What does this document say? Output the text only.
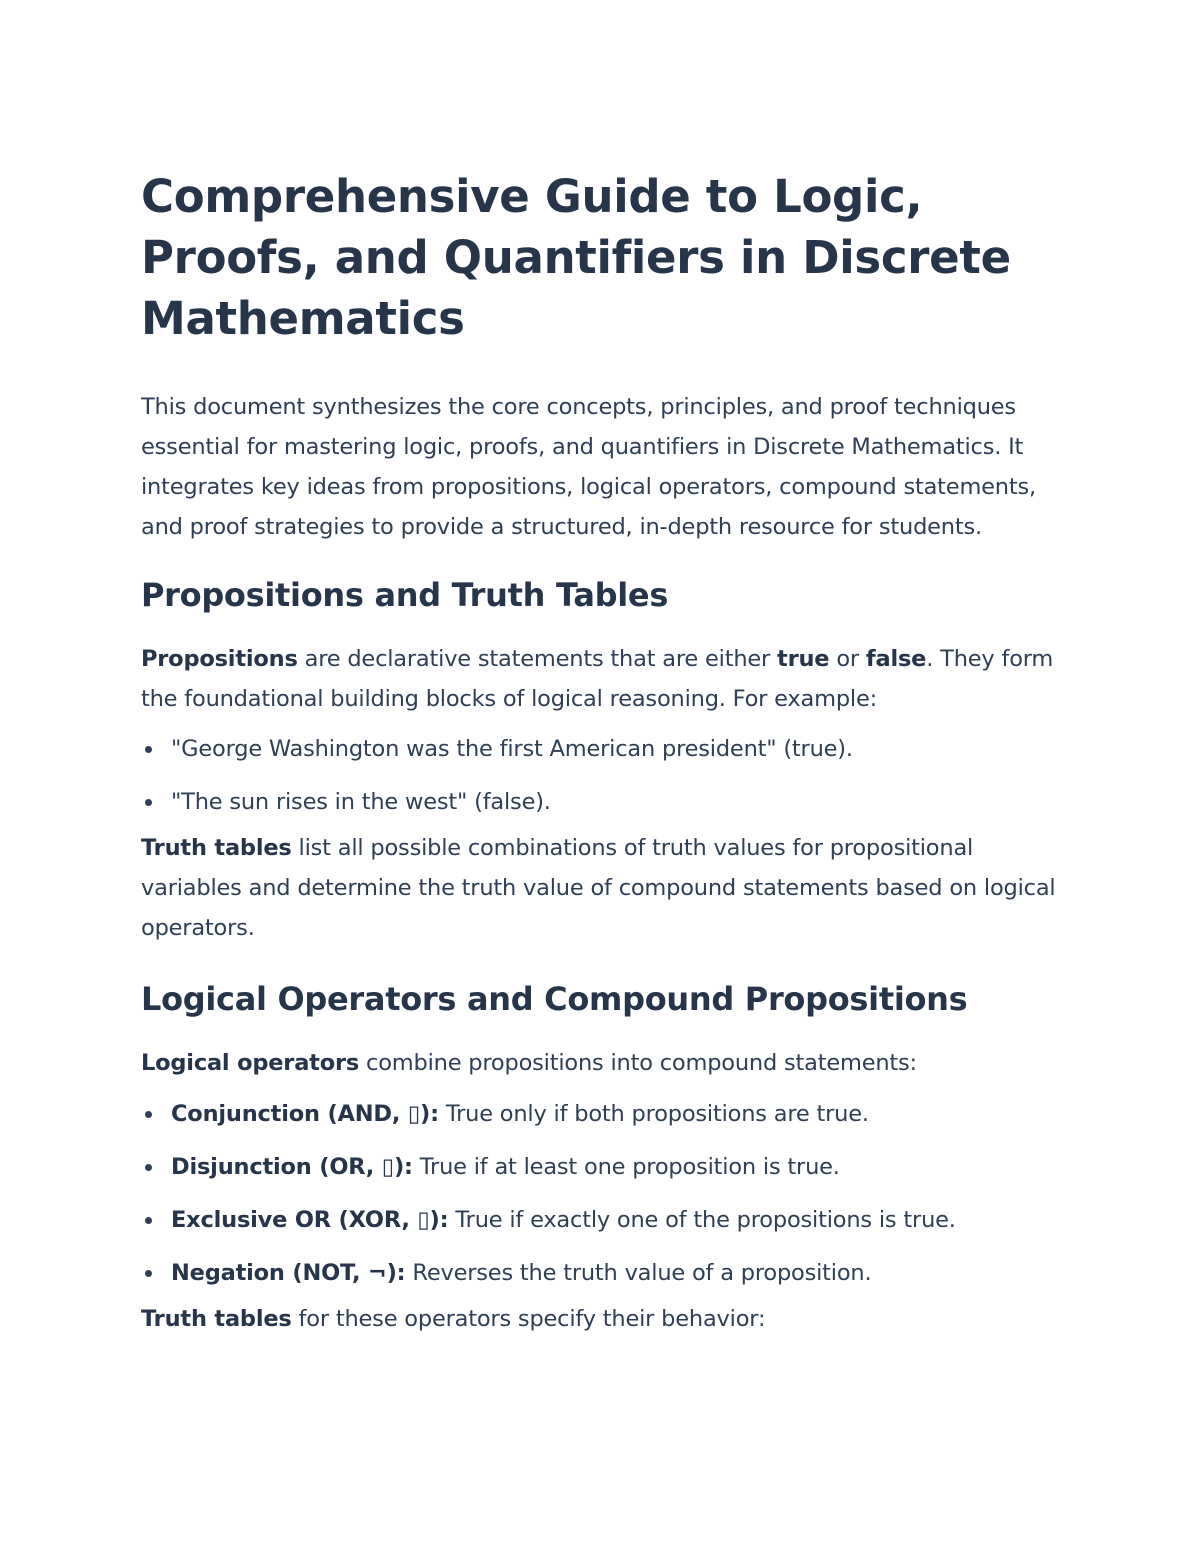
Comprehensive Guide to Logic, Proofs, and Quantifiers in Discrete Mathematics

This document synthesizes the core concepts, principles, and proof techniques essential for mastering logic, proofs, and quantifiers in Discrete Mathematics. It integrates key ideas from propositions, logical operators, compound statements, and proof strategies to provide a structured, in-depth resource for students.

Propositions and Truth Tables

Propositions are declarative statements that are either true or false. They form the foundational building blocks of logical reasoning. For example:

"George Washington was the first American president" (true).
"The sun rises in the west" (false).

Truth tables list all possible combinations of truth values for propositional variables and determine the truth value of compound statements based on logical operators.

Logical Operators and Compound Propositions

Logical operators combine propositions into compound statements:

Conjunction (AND, ▯): True only if both propositions are true.
Disjunction (OR, ▯): True if at least one proposition is true.
Exclusive OR (XOR, ▯): True if exactly one of the propositions is true.
Negation (NOT, ¬): Reverses the truth value of a proposition.

Truth tables for these operators specify their behavior:
